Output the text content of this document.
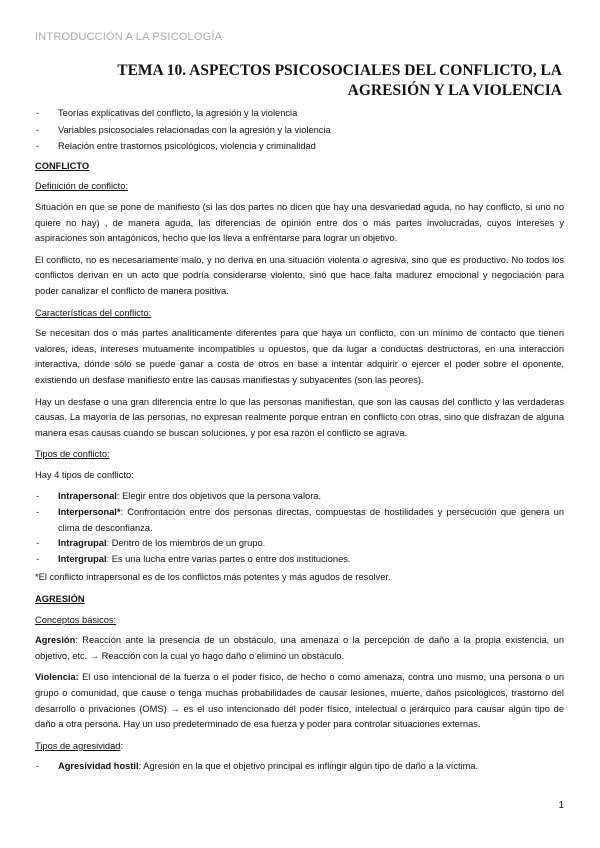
INTRODUCCIÓN A LA PSICOLOGÍA
TEMA 10. ASPECTOS PSICOSOCIALES DEL CONFLICTO, LA AGRESIÓN Y LA VIOLENCIA
- Teorías explicativas del conflicto, la agresión y la violencia
- Variables psicosociales relacionadas con la agresión y la violencia
- Relación entre trastornos psicológicos, violencia y criminalidad
CONFLICTO
Definición de conflicto:

Situación en que se pone de manifiesto (si las dos partes no dicen que hay una desvariedad aguda, no hay conflicto, si uno no quiere no hay) , de manera aguda, las diferencias de opinión entre dos o más partes involucradas, cuyos intereses y aspiraciones son antagónicos, hecho que los lleva a enfrentarse para lograr un objetivo.

El conflicto, no es necesariamente malo, y no deriva en una situación violenta o agresiva, sino que es productivo. No todos los conflictos derivan en un acto que podría considerarse violento, sinó que hace falta madurez emocional y negociación para poder canalizar el conflicto de manera positiva.

Características del conflicto:

Se necesitan dos o más partes analíticamente diferentes para que haya un conflicto, con un mínimo de contacto que tienen valores, ideas, intereses mutuamente incompatibles u opuestos, que da lugar a conductas destructoras, en una interacción interactiva, dónde sólo se puede ganar a costa de otros en base a intentar adquirir o ejercer el poder sobre el oponente, existiendo un desfase manifiesto entre las causas manifiestas y subyacentes (son las peores).

Hay un desfase o una gran diferencia entre lo que las personas manifiestan, que son las causas del conflicto y las verdaderas causas. La mayoría de las personas, no expresan realmente porque entran en conflicto con otras, sino que disfrazan de alguna manera esas causas cuando se buscan soluciones, y por esa razón el conflicto se agrava.

Tipos de conflicto:

Hay 4 tipos de conflicto:

- Intrapersonal: Elegir entre dos objetivos que la persona valora.
- Interpersonal*: Confrontación entre dos personas directas, compuestas de hostilidades y persecución que genera un clima de desconfianza.
- Intragrupal: Dentro de los miembros de un grupo.
- Intergrupal: Es una lucha entre varias partes o entre dos instituciones.

*El conflicto intrapersonal es de los conflictos más potentes y más agudos de resolver.

AGRESIÓN
Conceptos básicos:

Agresión: Reacción ante la presencia de un obstáculo, una amenaza o la percepción de daño a la propia existencia, un objetivo, etc. → Reacción con la cual yo hago daño o elimino un obstáculo.

Violencia: El uso intencional de la fuerza o el poder físico, de hecho o como amenaza, contra uno mismo, una persona o un grupo o comunidad, que cause o tenga muchas probabilidades de causar lesiones, muerte, daños psicológicos, trastorno del desarrollo o privaciones (OMS) → es el uso intencionado del poder físico, intelectual o jerárquico para causar algún tipo de daño a otra persona. Hay un uso predeterminado de esa fuerza y poder para controlar situaciones externas.

Tipos de agresividad:
- Agresividad hostil: Agresión en la que el objetivo principal es inflingir algún tipo de daño a la víctima.
1
